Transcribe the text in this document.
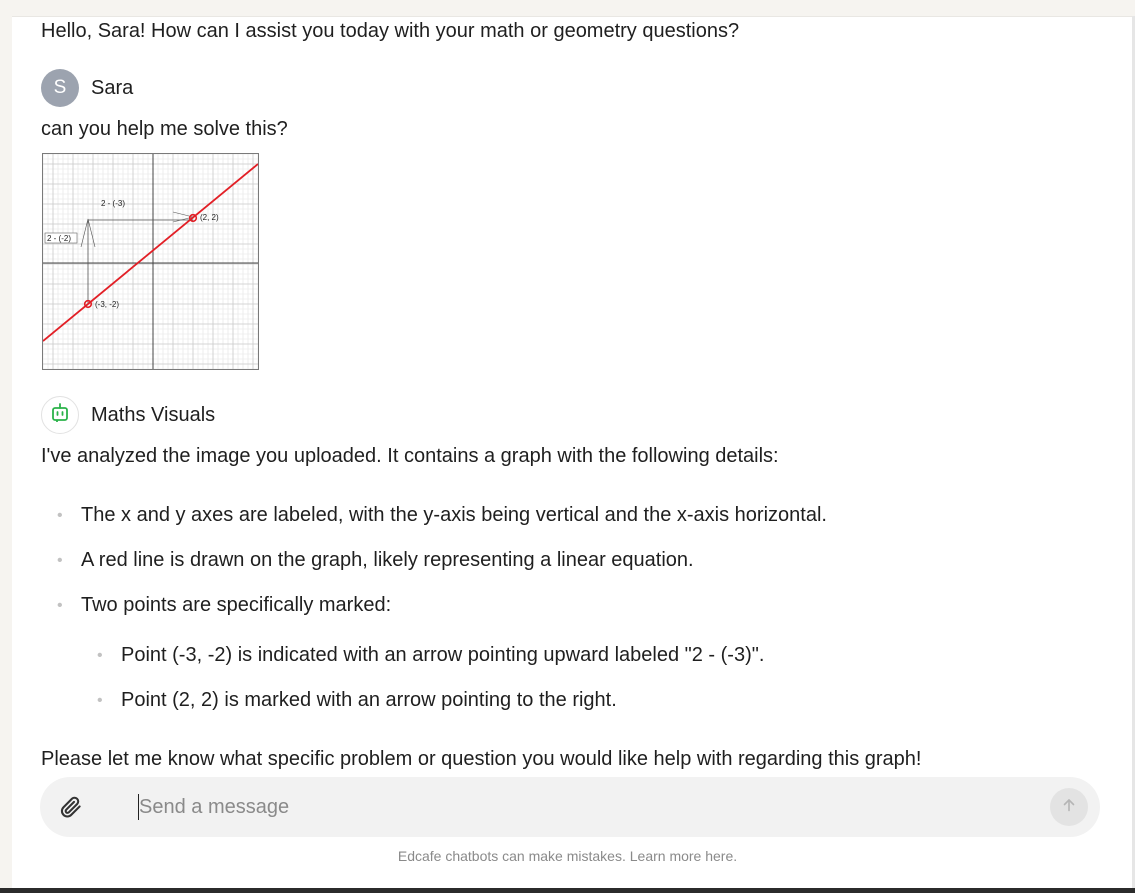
Hello, Sara! How can I assist you today with your math or geometry questions?
S	Sara
can you help me solve this?
2 - (-3)
2 - (-2)
(-3, -2)
(2, 2)
Maths Visuals
I've analyzed the image you uploaded. It contains a graph with the following details:
• The x and y axes are labeled, with the y-axis being vertical and the x-axis horizontal.
• A red line is drawn on the graph, likely representing a linear equation.
• Two points are specifically marked:
• Point (-3, -2) is indicated with an arrow pointing upward labeled "2 - (-3)".
• Point (2, 2) is marked with an arrow pointing to the right.
Please let me know what specific problem or question you would like help with regarding this graph!
Send a message
Edcafe chatbots can make mistakes. Learn more here.
